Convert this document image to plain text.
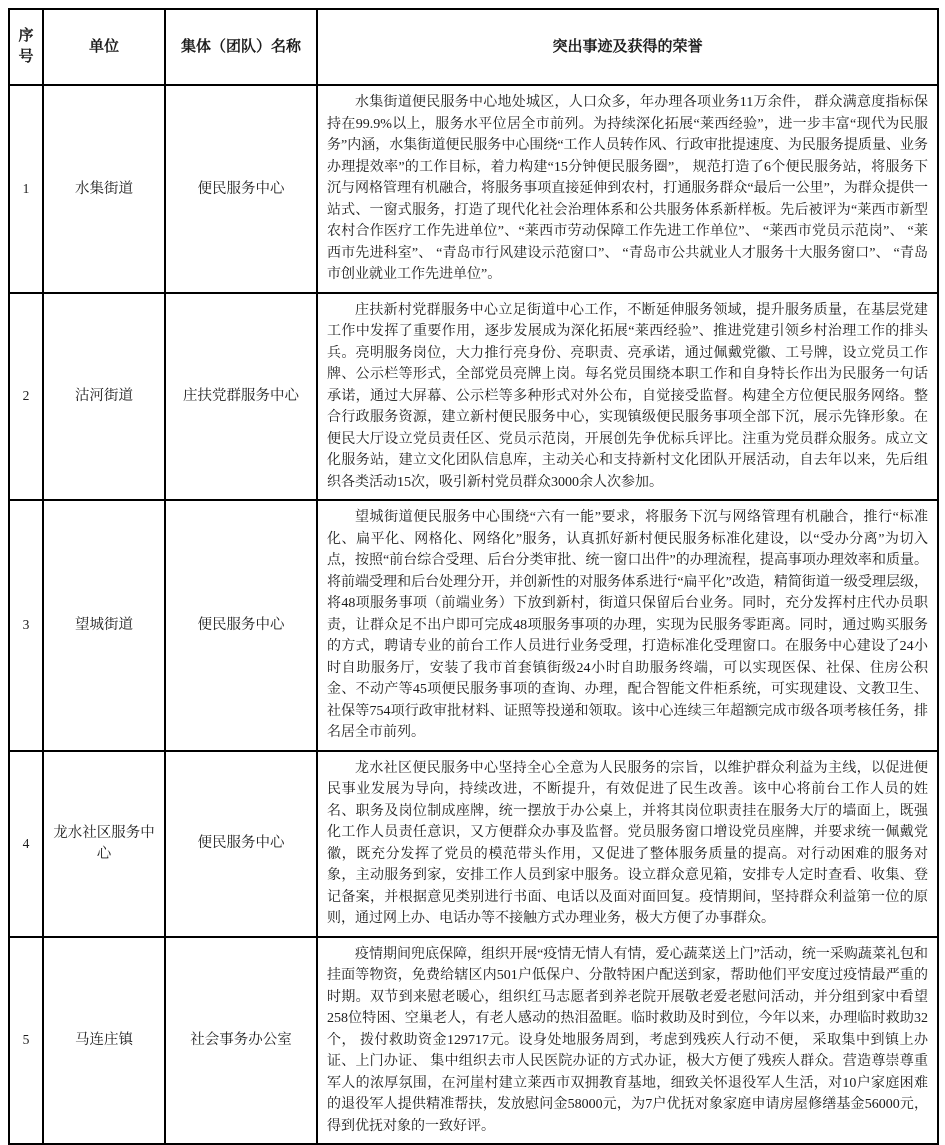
序号	单位	集体（团队）名称	突出事迹及获得的荣誉
1	水集街道	便民服务中心	水集街道便民服务中心地处城区，人口众多，年办理各项业务11万余件， 群众满意度指标保持在99.9%以上，服务水平位居全市前列。为持续深化拓展“莱西经验”，进一步丰富“现代为民服务”内涵，水集街道便民服务中心围绕“工作人员转作风、行政审批提速度、为民服务提质量、业务办理提效率”的工作目标，着力构建“15分钟便民服务圈”， 规范打造了6个便民服务站，将服务下沉与网格管理有机融合，将服务事项直接延伸到农村，打通服务群众“最后一公里”，为群众提供一站式、一窗式服务，打造了现代化社会治理体系和公共服务体系新样板。先后被评为“莱西市新型农村合作医疗工作先进单位”、“莱西市劳动保障工作先进工作单位”、 “莱西市党员示范岗”、 “莱西市先进科室”、 “青岛市行风建设示范窗口”、 “青岛市公共就业人才服务十大服务窗口”、 “青岛市创业就业工作先进单位”。

2	沽河街道	庄扶党群服务中心	庄扶新村党群服务中心立足街道中心工作，不断延伸服务领域，提升服务质量，在基层党建工作中发挥了重要作用，逐步发展成为深化拓展“莱西经验”、推进党建引领乡村治理工作的排头兵。亮明服务岗位，大力推行亮身份、亮职责、亮承诺，通过佩戴党徽、工号牌，设立党员工作牌、公示栏等形式，全部党员亮牌上岗。每名党员围绕本职工作和自身特长作出为民服务一句话承诺，通过大屏幕、公示栏等多种形式对外公布，自觉接受监督。构建全方位便民服务网络。整合行政服务资源，建立新村便民服务中心，实现镇级便民服务事项全部下沉，展示先锋形象。在便民大厅设立党员责任区、党员示范岗，开展创先争优标兵评比。注重为党员群众服务。成立文化服务站，建立文化团队信息库，主动关心和支持新村文化团队开展活动，自去年以来，先后组织各类活动15次，吸引新村党员群众3000余人次参加。

3	望城街道	便民服务中心	望城街道便民服务中心围绕“六有一能”要求，将服务下沉与网络管理有机融合，推行“标准化、扁平化、网格化、网络化”服务，认真抓好新村便民服务标准化建设，以“受办分离”为切入点，按照“前台综合受理、后台分类审批、统一窗口出件”的办理流程，提高事项办理效率和质量。将前端受理和后台处理分开，并创新性的对服务体系进行“扁平化”改造，精简街道一级受理层级，将48项服务事项（前端业务）下放到新村，街道只保留后台业务。同时，充分发挥村庄代办员职责，让群众足不出户即可完成48项服务事项的办理，实现为民服务零距离。同时，通过购买服务的方式，聘请专业的前台工作人员进行业务受理，打造标准化受理窗口。在服务中心建设了24小时自助服务厅，安装了我市首套镇街级24小时自助服务终端，可以实现医保、社保、住房公积金、不动产等45项便民服务事项的查询、办理，配合智能文件柜系统，可实现建设、文教卫生、社保等754项行政审批材料、证照等投递和领取。该中心连续三年超额完成市级各项考核任务，排名居全市前列。

4	龙水社区服务中心	便民服务中心	龙水社区便民服务中心坚持全心全意为人民服务的宗旨，以维护群众利益为主线，以促进便民事业发展为导向，持续改进，不断提升，有效促进了民生改善。该中心将前台工作人员的姓名、职务及岗位制成座牌，统一摆放于办公桌上，并将其岗位职责挂在服务大厅的墙面上，既强化工作人员责任意识，又方便群众办事及监督。党员服务窗口增设党员座牌，并要求统一佩戴党徽，既充分发挥了党员的模范带头作用，又促进了整体服务质量的提高。对行动困难的服务对象，主动服务到家，安排工作人员到家中服务。设立群众意见箱，安排专人定时查看、收集、登记备案，并根据意见类别进行书面、电话以及面对面回复。疫情期间，坚持群众利益第一位的原则，通过网上办、电话办等不接触方式办理业务，极大方便了办事群众。

5	马连庄镇	社会事务办公室	疫情期间兜底保障，组织开展“疫情无情人有情，爱心蔬菜送上门”活动，统一采购蔬菜礼包和挂面等物资，免费给辖区内501户低保户、分散特困户配送到家，帮助他们平安度过疫情最严重的时期。双节到来慰老暖心，组织红马志愿者到养老院开展敬老爱老慰问活动，并分组到家中看望258位特困、空巢老人，有老人感动的热泪盈眶。临时救助及时到位，今年以来，办理临时救助32个， 拨付救助资金129717元。设身处地服务周到，考虑到残疾人行动不便， 采取集中到镇上办证、上门办证、 集中组织去市人民医院办证的方式办证，极大方便了残疾人群众。营造尊崇尊重军人的浓厚氛围，在河崖村建立莱西市双拥教育基地，细致关怀退役军人生活，对10户家庭困难的退役军人提供精准帮扶，发放慰问金58000元，为7户优抚对象家庭申请房屋修缮基金56000元，得到优抚对象的一致好评。
